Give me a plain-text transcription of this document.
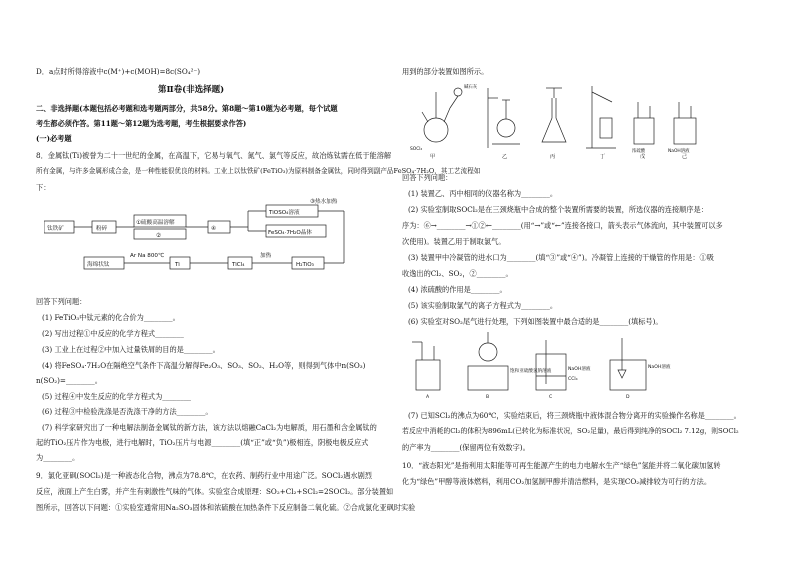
D．a点时所得溶液中c(M⁺)+c(MOH)=8c(SO₄²⁻)
第Ⅱ卷(非选择题)
二、非选择题(本题包括必考题和选考题两部分，共58分。第8题～第10题为必考题，每个试题
考生都必须作答。第11题～第12题为选考题，考生根据要求作答)
(一)必考题
8．金属钛(Ti)被誉为二十一世纪的金属，在高温下，它易与氧气、氮气、氯气等反应，故冶炼钛需在低于能溶解
所有金属，与许多金属形成合金，是一种性能很优良的材料。工业上以钛铁矿(FeTiO₃)为原料制备金属钛，同时得到副产品FeSO₄·7H₂O，其工艺流程如
下：
钛铁矿	粉碎
①硫酸高温溶解
②
④
TiOSO₄溶液
FeSO₄·7H₂O晶体
③热水加热
H₂TiO₃
TiCl₄
Ti
海绵状钛
Ar Na 800℃	加热
回答下列问题：
(1) FeTiO₃中钛元素的化合价为________。
(2) 写出过程①中反应的化学方程式________
(3) 工业上在过程②中加入过量铁屑的目的是________。
(4) 将FeSO₄·7H₂O在隔绝空气条件下高温分解得Fe₂O₃、SO₃、SO₂、H₂O等，则得到气体中n(SO₃)
n(SO₂)=________。
(5) 过程④中发生反应的化学方程式为________
(6) 过程③中检验洗涤是否洗涤干净的方法________。
(7) 科学家研究出了一种电解法制备金属钛的新方法，该方法以熔融CaCl₂为电解质，用石墨和含金属钛的
起的TiO₂压片作为电极，进行电解时，TiO₂压片与电源________(填“正”或“负”)极相连，阴极电极反应式
为________。
9．氯化亚砜(SOCl₂)是一种液态化合物，沸点为78.8℃，在农药、制药行业中用途广泛。SOCl₂遇水剧烈
反应，液面上产生白雾，并产生有刺激性气味的气体。实验室合成原理：SO₂+Cl₂+SCl₂=2SOCl₂。部分装置如
图所示，回答以下问题：①实验室通常用Na₂SO₃固体和浓硫酸在加热条件下反应制备二氧化硫。②合成氯化亚砜时实验
用到的部分装置如图所示。
甲	乙	丙	丁	戊	己
碱石灰
SOCl₂	浓硫酸	NaOH溶液
回答下列问题：
(1) 装置乙、丙中相同的仪器名称为________。
(2) 实验室制取SOCl₂是在三颈烧瓶中合成的整个装置所需要的装置，所选仪器的连接顺序是：
序为：⑥→________→①②←________(用“→”或“←”连接各接口，箭头表示气体流向，其中装置可以多
次使用)。装置乙用于制取氯气。
(3) 装置甲中冷凝管的进水口为________(填“③”或“④”)。冷凝管上连接的干燥管的作用是：①吸
收逸出的Cl₂、SO₂，②________。
(4) 浓硫酸的作用是________。
(5) 该实验制取氯气的离子方程式为________。
(6) 实验室对SO₂尾气进行处理，下列如图装置中最合适的是________(填标号)。
A	B	C	D
饱和亚硫酸氢钠溶液	NaOH溶液
CCl₄
NaOH溶液
(7) 已知SCl₂的沸点为60℃，实验结束后，将三颈烧瓶中液体混合物分离开的实验操作名称是________。
若反应中消耗的Cl₂的体积为896mL(已转化为标准状况，SO₂足量)，最后得到纯净的SOCl₂ 7.12g，则SOCl₂
的产率为________(保留两位有效数字)。
10．“液态阳光”是指利用太阳能等可再生能源产生的电力电解水生产“绿色”氢能并将二氧化碳加氢转
化为“绿色”甲醇等液体燃料，利用CO₂加氢制甲醇并清洁燃料，是实现CO₂减排较为可行的方法。
